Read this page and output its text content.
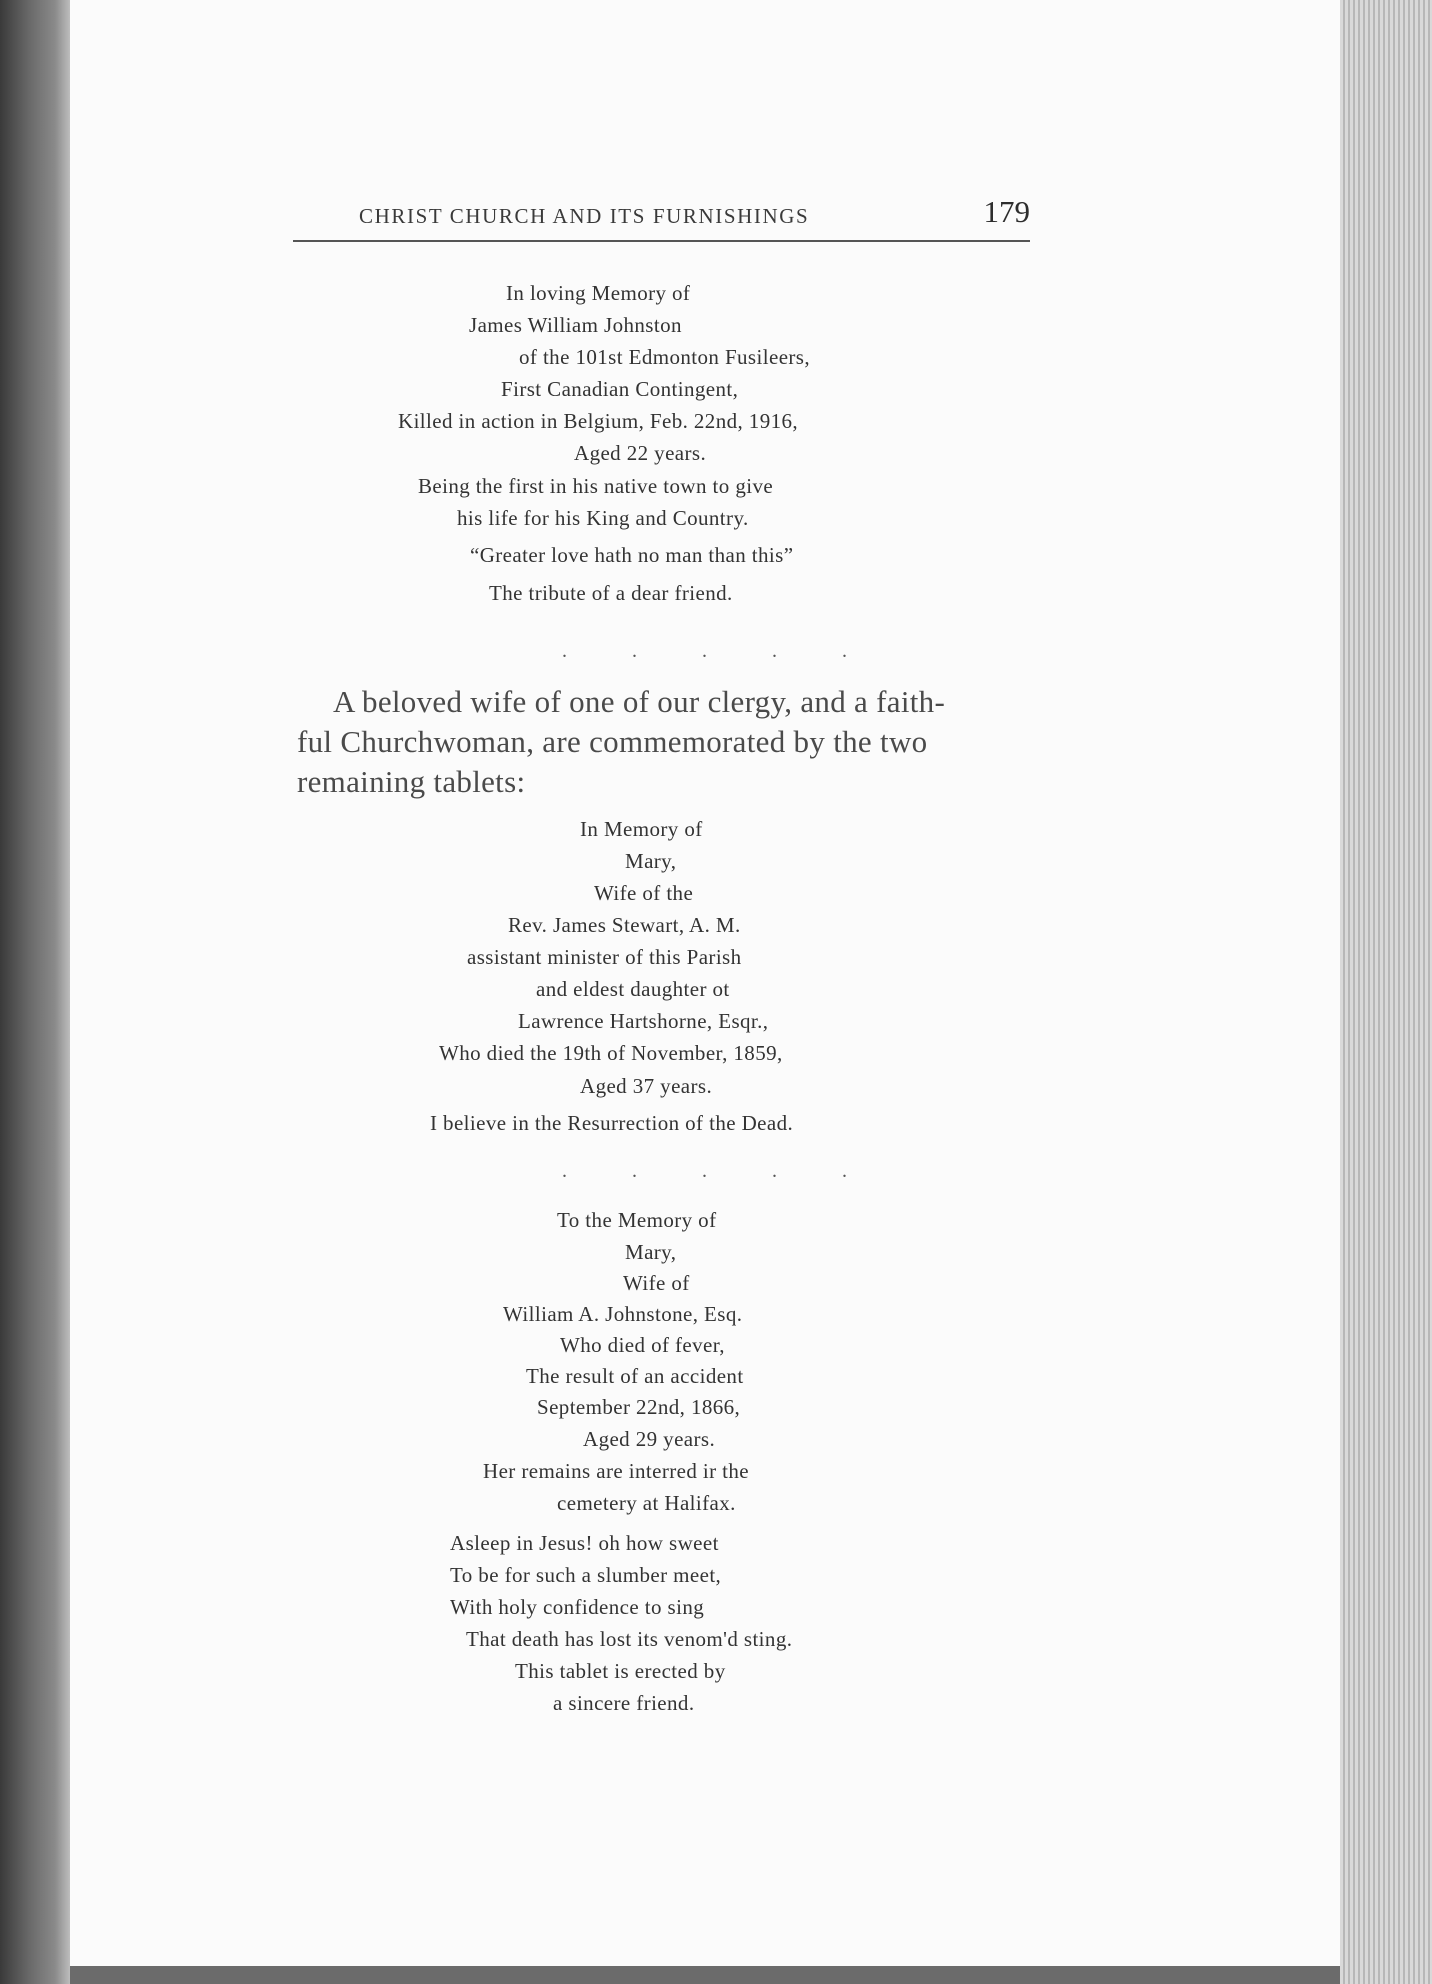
CHRIST CHURCH AND ITS FURNISHINGS	179
In loving Memory of
James William Johnston
of the 101st Edmonton Fusileers,
First Canadian Contingent,
Killed in action in Belgium, Feb. 22nd, 1916,
Aged 22 years.
Being the first in his native town to give
his life for his King and Country.
“Greater love hath no man than this”
The tribute of a dear friend.
. . . . .
A beloved wife of one of our clergy, and a faith-
ful Churchwoman, are commemorated by the two
remaining tablets:
In Memory of
Mary,
Wife of the
Rev. James Stewart, A. M.
assistant minister of this Parish
and eldest daughter ot
Lawrence Hartshorne, Esqr.,
Who died the 19th of November, 1859,
Aged 37 years.
I believe in the Resurrection of the Dead.
. . . . .
To the Memory of
Mary,
Wife of
William A. Johnstone, Esq.
Who died of fever,
The result of an accident
September 22nd, 1866,
Aged 29 years.
Her remains are interred ir the
cemetery at Halifax.
Asleep in Jesus! oh how sweet
To be for such a slumber meet,
With holy confidence to sing
That death has lost its venom'd sting.
This tablet is erected by
a sincere friend.
